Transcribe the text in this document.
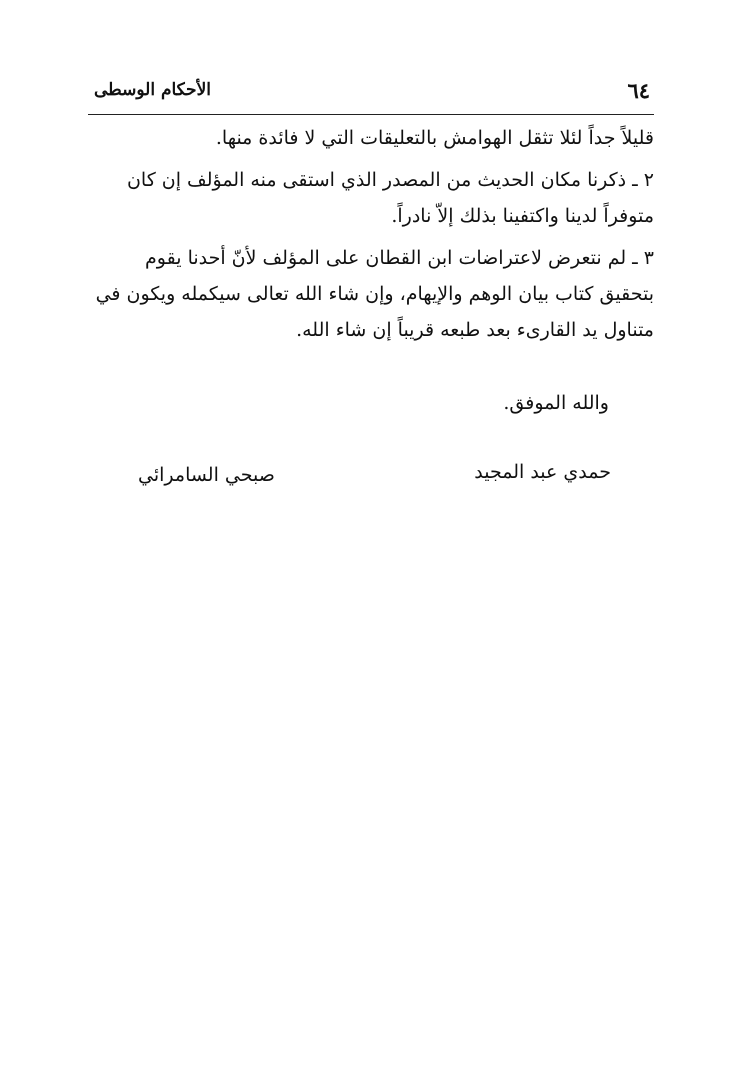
٦٤
الأحكام الوسطى
قليلاً جداً لئلا تثقل الهوامش بالتعليقات التي لا فائدة منها.
٢ ـ ذكرنا مكان الحديث من المصدر الذي استقى منه المؤلف إن كان
متوفراً لدينا واكتفينا بذلك إلاّ نادراً.
٣ ـ لم نتعرض لاعتراضات ابن القطان على المؤلف لأنّ أحدنا يقوم
بتحقيق كتاب بيان الوهم والإيهام، وإن شاء الله تعالى سيكمله ويكون في
متناول يد القارىء بعد طبعه قريباً إن شاء الله.
والله الموفق.
حمدي عبد المجيد
صبحي السامرائي
